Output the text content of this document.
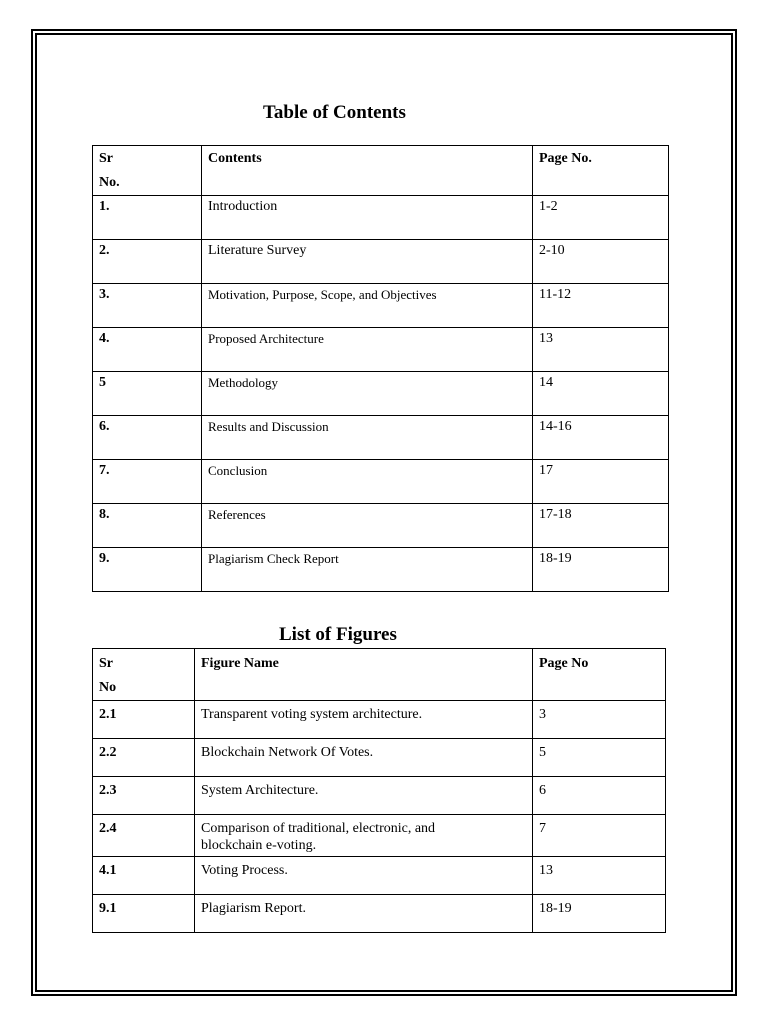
Table of Contents
Sr
No.	Contents	Page No.
1.	Introduction	1-2
2.	Literature Survey	2-10
3.	Motivation, Purpose, Scope, and Objectives	11-12
4.	Proposed Architecture	13
5	Methodology	14
6.	Results and Discussion	14-16
7.	Conclusion	17
8.	References	17-18
9.	Plagiarism Check Report	18-19
List of Figures
Sr
No	Figure Name	Page No
2.1	Transparent voting system architecture.	3
2.2	Blockchain Network Of Votes.	5
2.3	System Architecture.	6
2.4	Comparison of traditional, electronic, and
blockchain e-voting.	7
4.1	Voting Process.	13
9.1	Plagiarism Report.	18-19
